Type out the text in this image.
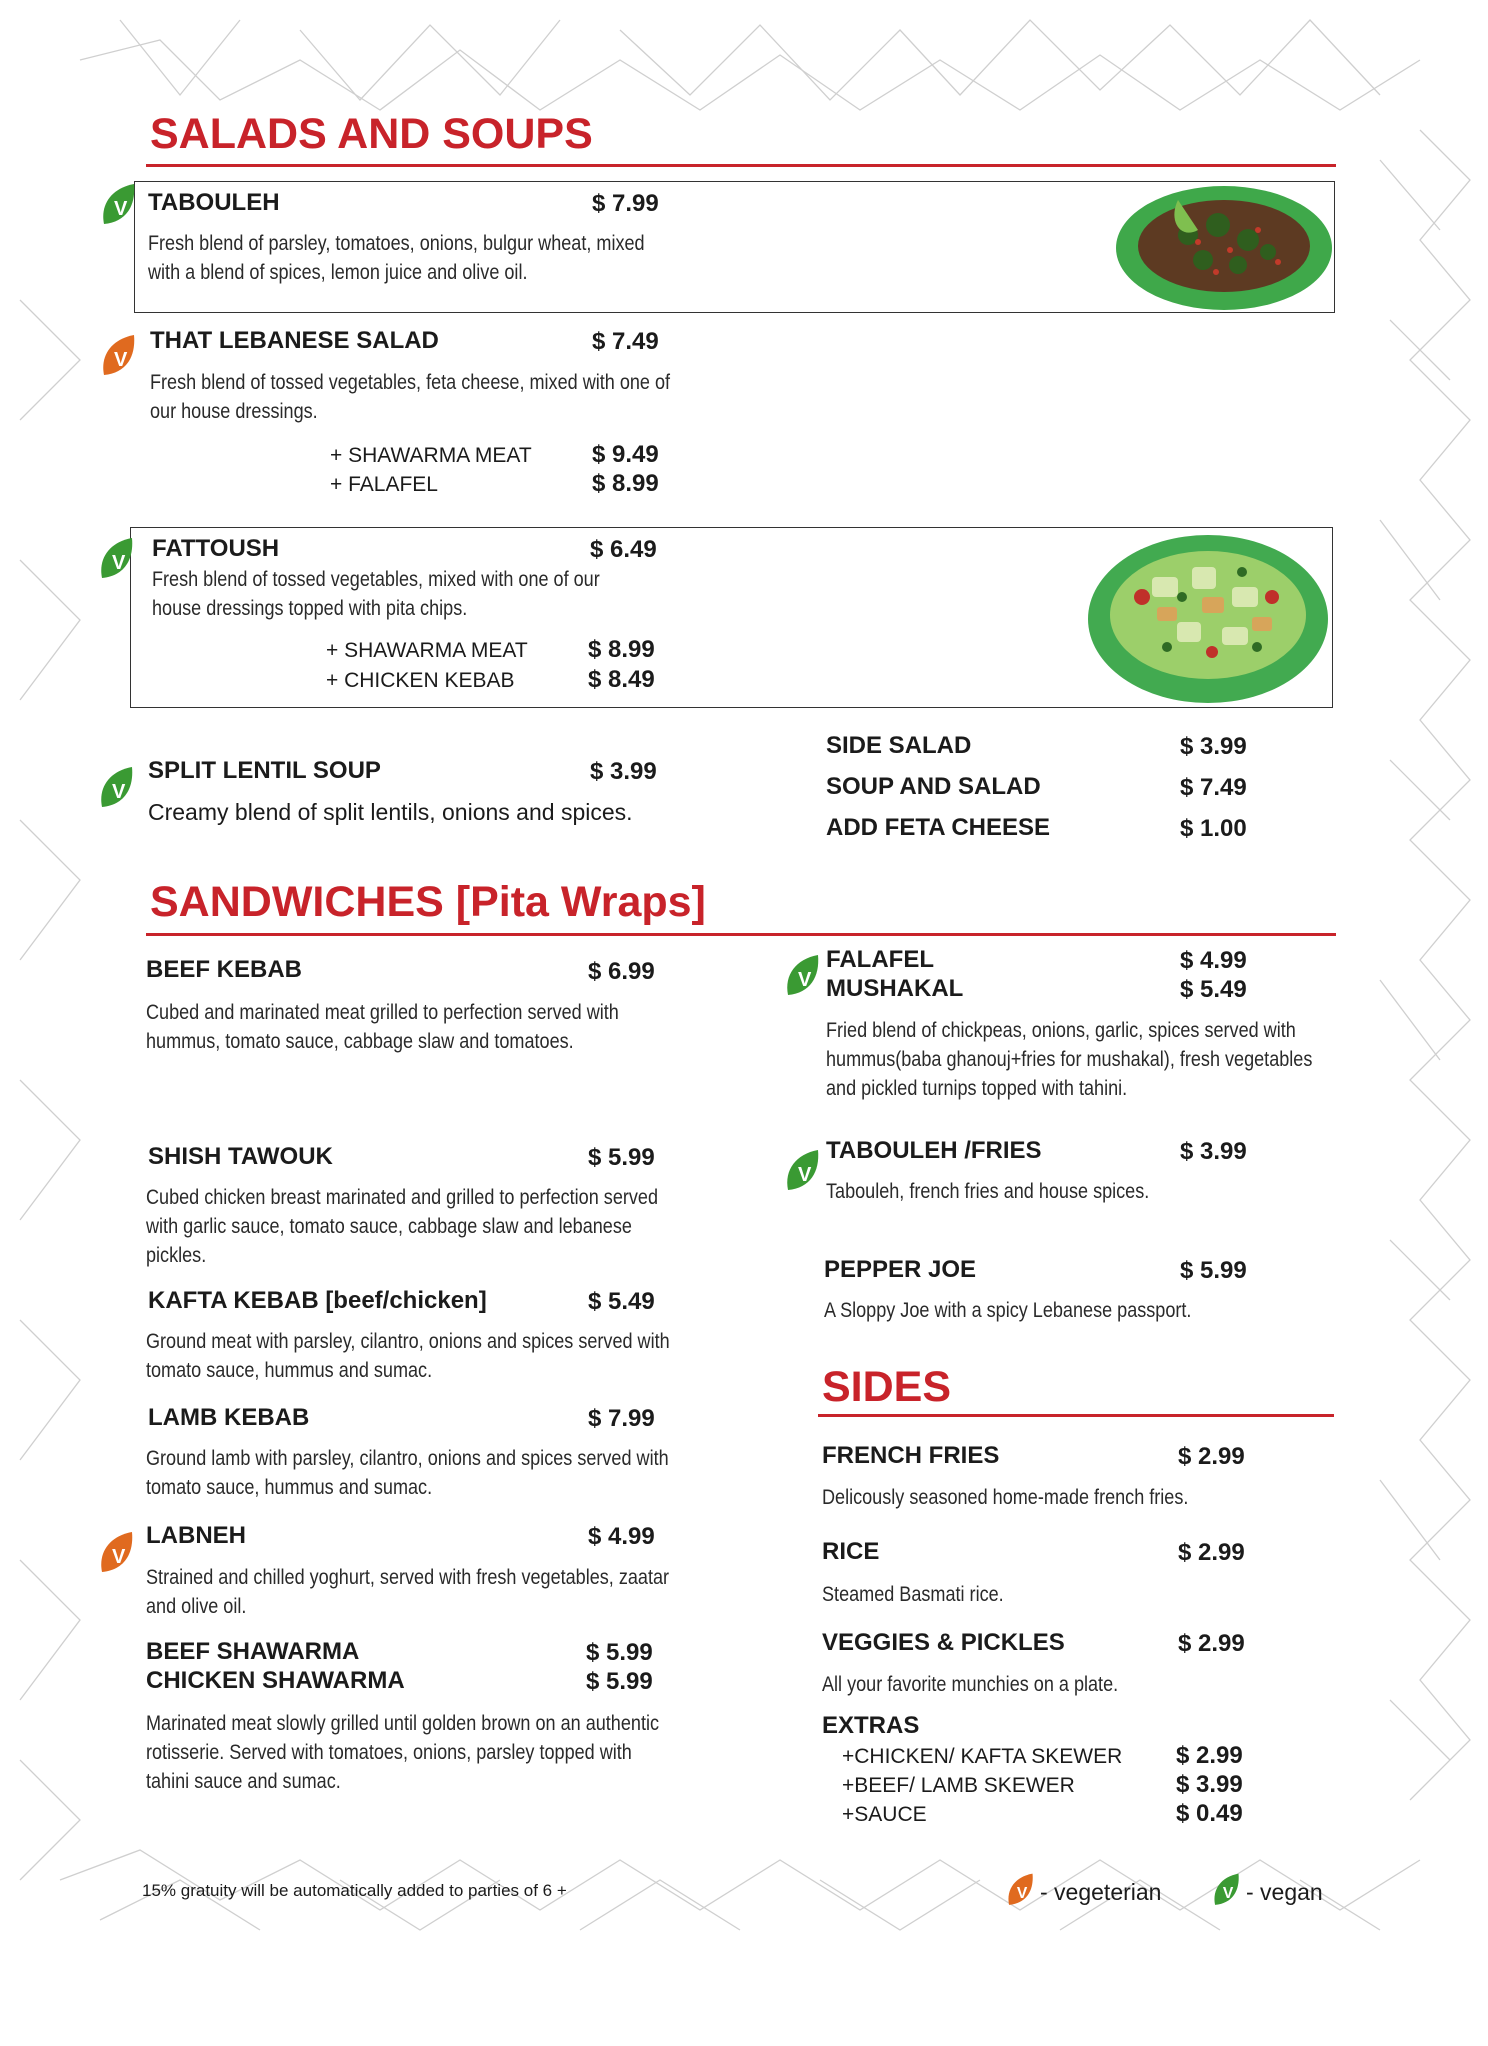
SALADS AND SOUPS
V TABOULEH	$ 7.99
Fresh blend of parsley, tomatoes, onions, bulgur wheat, mixed with a blend of spices, lemon juice and olive oil.
V
THAT LEBANESE SALAD	$ 7.49
Fresh blend of tossed vegetables, feta cheese, mixed with one of our house dressings.
+ SHAWARMA MEAT	$ 9.49
+ FALAFEL	$ 8.99
V
FATTOUSH	$ 6.49
Fresh blend of tossed vegetables, mixed with one of our house dressings topped with pita chips.
+ SHAWARMA MEAT	$ 8.99
+ CHICKEN KEBAB	$ 8.49
V
SPLIT LENTIL SOUP	$ 3.99
Creamy blend of split lentils, onions and spices.
SIDE SALAD	$ 3.99
SOUP AND SALAD	$ 7.49
ADD FETA CHEESE	$ 1.00
SANDWICHES [Pita Wraps]
BEEF KEBAB	$ 6.99
Cubed and marinated meat grilled to perfection served with hummus, tomato sauce, cabbage slaw and tomatoes.
SHISH TAWOUK	$ 5.99
Cubed chicken breast marinated and grilled to perfection served with garlic sauce, tomato sauce, cabbage slaw and lebanese pickles.
KAFTA KEBAB [beef/chicken]	$ 5.49
Ground meat with parsley, cilantro, onions and spices served with tomato sauce, hummus and sumac.
LAMB KEBAB	$ 7.99
Ground lamb with parsley, cilantro, onions and spices served with tomato sauce, hummus and sumac.
V
LABNEH	$ 4.99
Strained and chilled yoghurt, served with fresh vegetables, zaatar and olive oil.
BEEF SHAWARMA	$ 5.99
CHICKEN SHAWARMA	$ 5.99
Marinated meat slowly grilled until golden brown on an authentic rotisserie. Served with tomatoes, onions, parsley topped with tahini sauce and sumac.
V
FALAFEL	$ 4.99
MUSHAKAL	$ 5.49
Fried blend of chickpeas, onions, garlic, spices served with hummus(baba ghanouj+fries for mushakal), fresh vegetables and pickled turnips topped with tahini.
V
TABOULEH /FRIES	$ 3.99
Tabouleh, french fries and house spices.
PEPPER JOE	$ 5.99
A Sloppy Joe with a spicy Lebanese passport.
SIDES
FRENCH FRIES	$ 2.99
Delicously seasoned home-made french fries.
RICE	$ 2.99
Steamed Basmati rice.
VEGGIES & PICKLES	$ 2.99
All your favorite munchies on a plate.
EXTRAS
+CHICKEN/ KAFTA SKEWER $ 2.99
+BEEF/ LAMB SKEWER	$ 3.99
+SAUCE	$ 0.49
15% gratuity will be automatically added to parties of 6 +	V - vegeterian	V - vegan
